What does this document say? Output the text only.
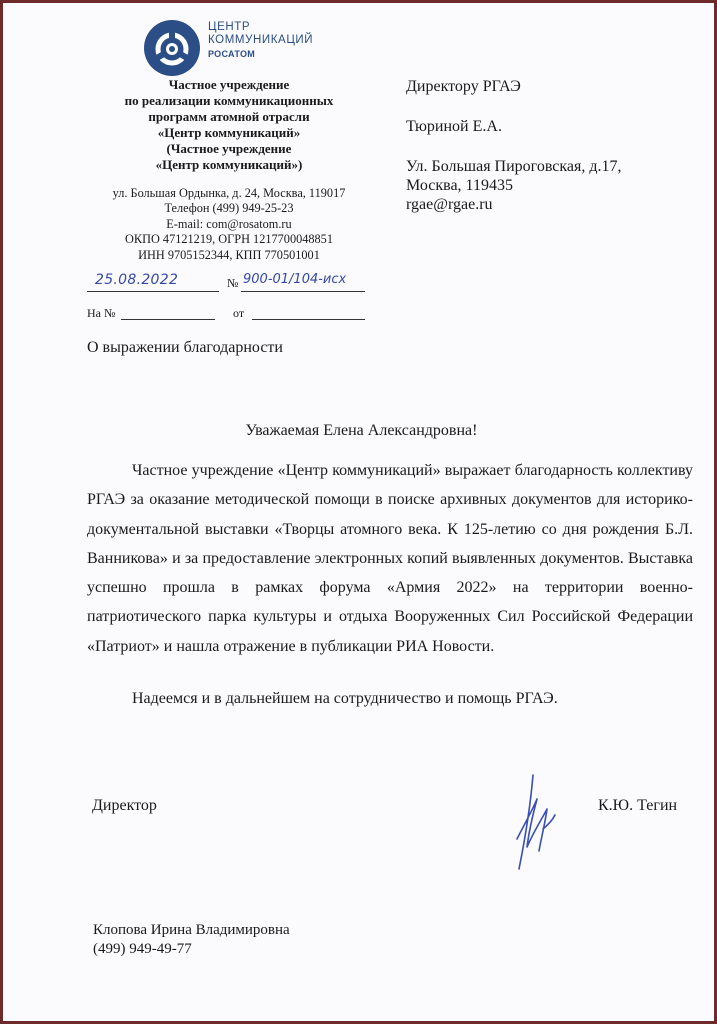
ЦЕНТР
КОММУНИКАЦИЙ
РОСАТОМ
Частное учреждение
по реализации коммуникационных
программ атомной отрасли
«Центр коммуникаций»
(Частное учреждение
«Центр коммуникаций»)
ул. Большая Ордынка, д. 24, Москва, 119017
Телефон (499) 949-25-23
E-mail: com@rosatom.ru
ОКПО 47121219, ОГРН 1217700048851
ИНН 9705152344, КПП 770501001
25.08.2022	№ 900-01/104-исх
На №	от
О выражении благодарности
Директору РГАЭ
Тюриной Е.А.
Ул. Большая Пироговская, д.17,
Москва, 119435
rgae@rgae.ru
Уважаемая Елена Александровна!
Частное учреждение «Центр коммуникаций» выражает благодарность коллективу РГАЭ за оказание методической помощи в поиске архивных документов для историко-документальной выставки «Творцы атомного века. К 125-летию со дня рождения Б.Л. Ванникова» и за предоставление электронных копий выявленных документов. Выставка успешно прошла в рамках форума «Армия 2022» на территории военно-патриотического парка культуры и отдыха Вооруженных Сил Российской Федерации «Патриот» и нашла отражение в публикации РИА Новости.
Надеемся и в дальнейшем на сотрудничество и помощь РГАЭ.
Директор	К.Ю. Тегин
Клопова Ирина Владимировна
(499) 949-49-77
